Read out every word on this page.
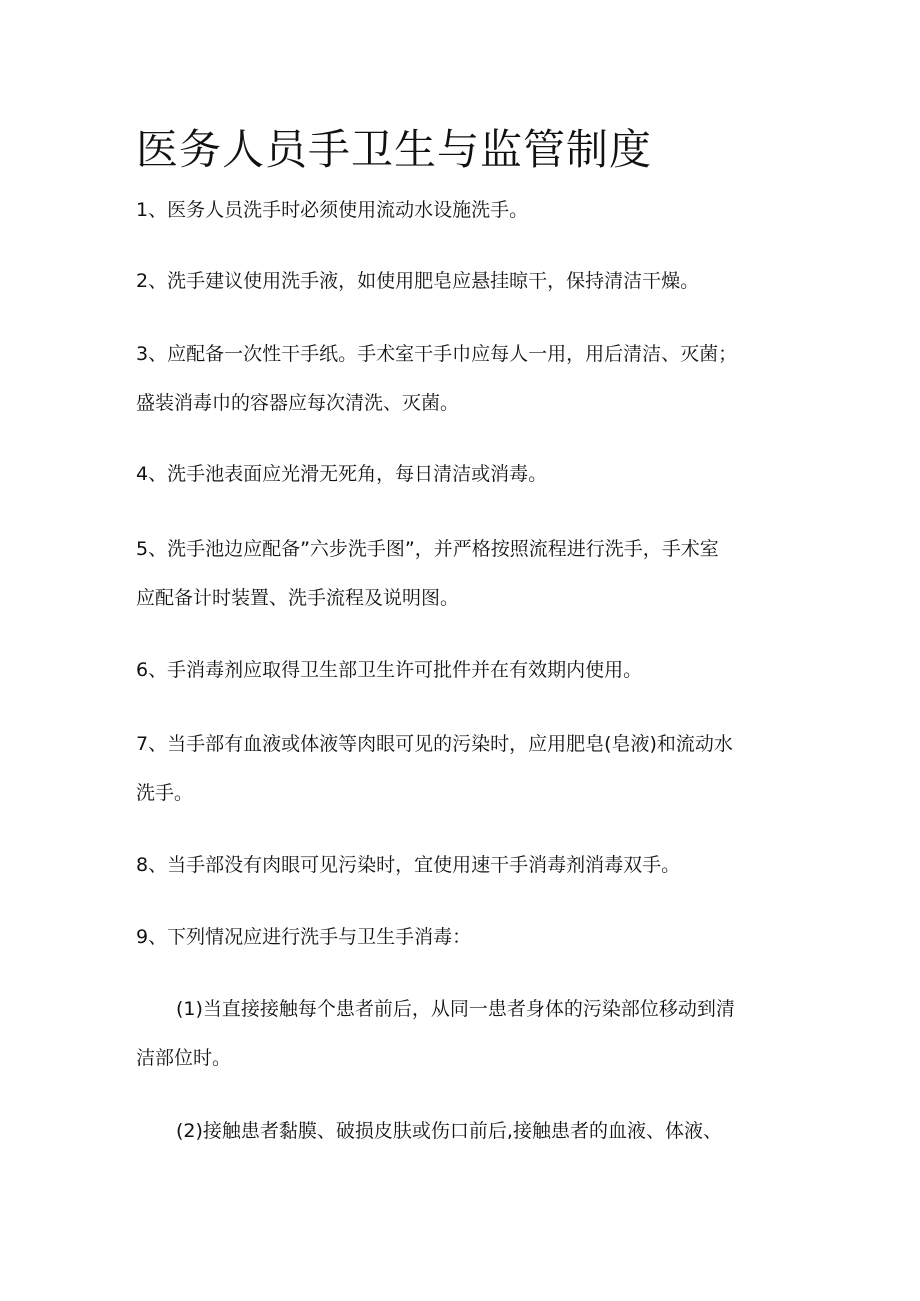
医务人员手卫生与监管制度

1、医务人员洗手时必须使用流动水设施洗手。

2、洗手建议使用洗手液，如使用肥皂应悬挂晾干，保持清洁干燥。

3、应配备一次性干手纸。手术室干手巾应每人一用，用后清洁、灭菌；

盛装消毒巾的容器应每次清洗、灭菌。

4、洗手池表面应光滑无死角，每日清洁或消毒。

5、洗手池边应配备”六步洗手图”，并严格按照流程进行洗手，手术室

应配备计时装置、洗手流程及说明图。

6、手消毒剂应取得卫生部卫生许可批件并在有效期内使用。

7、当手部有血液或体液等肉眼可见的污染时，应用肥皂(皂液)和流动水

洗手。

8、当手部没有肉眼可见污染时，宜使用速干手消毒剂消毒双手。

9、下列情况应进行洗手与卫生手消毒：

(1)当直接接触每个患者前后，从同一患者身体的污染部位移动到清

洁部位时。

(2)接触患者黏膜、破损皮肤或伤口前后,接触患者的血液、体液、
